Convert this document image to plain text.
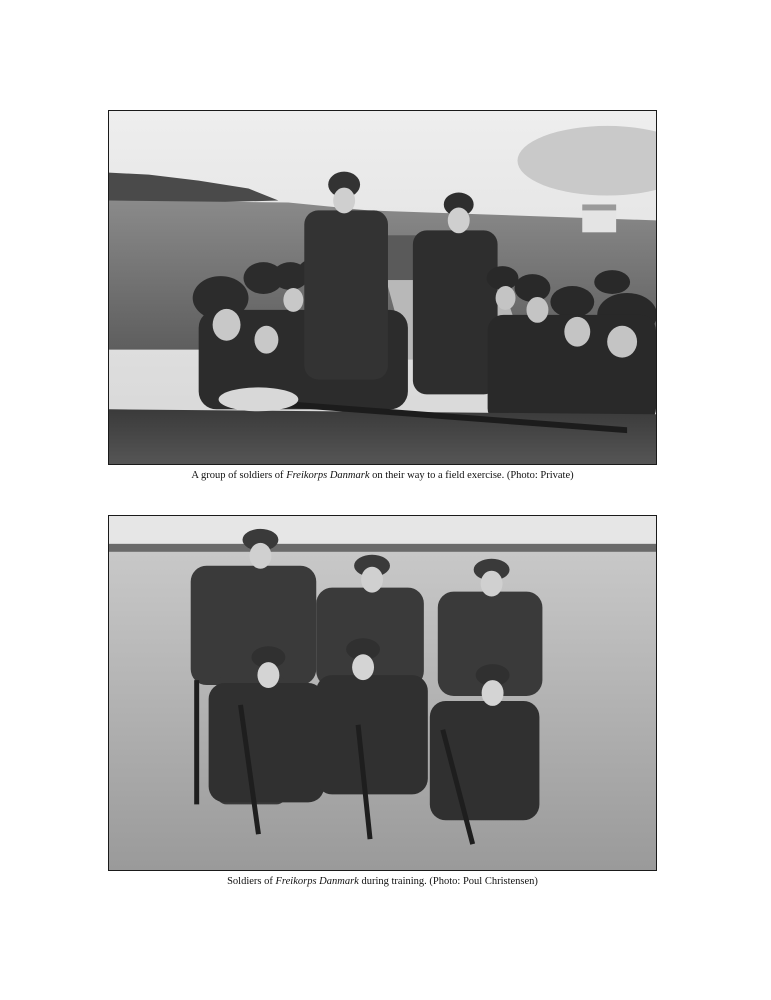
A group of soldiers of Freikorps Danmark on their way to a field exercise. (Photo: Private)
Soldiers of Freikorps Danmark during training. (Photo: Poul Christensen)
